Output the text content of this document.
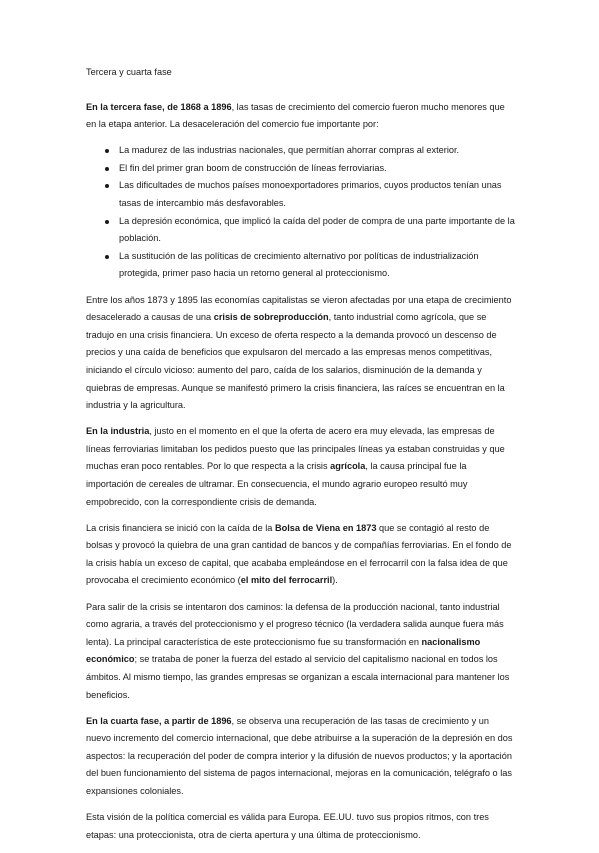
Tercera y cuarta fase

En la tercera fase, de 1868 a 1896, las tasas de crecimiento del comercio fueron mucho menores que en la etapa anterior. La desaceleración del comercio fue importante por:

La madurez de las industrias nacionales, que permitían ahorrar compras al exterior.
El fin del primer gran boom de construcción de líneas ferroviarias.
Las dificultades de muchos países monoexportadores primarios, cuyos productos tenían unas tasas de intercambio más desfavorables.
La depresión económica, que implicó la caída del poder de compra de una parte importante de la población.
La sustitución de las políticas de crecimiento alternativo por políticas de industrialización protegida, primer paso hacia un retorno general al proteccionismo.

Entre los años 1873 y 1895 las economías capitalistas se vieron afectadas por una etapa de crecimiento desacelerado a causas de una crisis de sobreproducción, tanto industrial como agrícola, que se tradujo en una crisis financiera. Un exceso de oferta respecto a la demanda provocó un descenso de precios y una caída de beneficios que expulsaron del mercado a las empresas menos competitivas, iniciando el círculo vicioso: aumento del paro, caída de los salarios, disminución de la demanda y quiebras de empresas. Aunque se manifestó primero la crisis financiera, las raíces se encuentran en la industria y la agricultura.

En la industria, justo en el momento en el que la oferta de acero era muy elevada, las empresas de líneas ferroviarias limitaban los pedidos puesto que las principales líneas ya estaban construidas y que muchas eran poco rentables. Por lo que respecta a la crisis agrícola, la causa principal fue la importación de cereales de ultramar. En consecuencia, el mundo agrario europeo resultó muy empobrecido, con la correspondiente crisis de demanda.

La crisis financiera se inició con la caída de la Bolsa de Viena en 1873 que se contagió al resto de bolsas y provocó la quiebra de una gran cantidad de bancos y de compañías ferroviarias. En el fondo de la crisis había un exceso de capital, que acababa empleándose en el ferrocarril con la falsa idea de que provocaba el crecimiento económico (el mito del ferrocarril).

Para salir de la crisis se intentaron dos caminos: la defensa de la producción nacional, tanto industrial como agraria, a través del proteccionismo y el progreso técnico (la verdadera salida aunque fuera más lenta). La principal característica de este proteccionismo fue su transformación en nacionalismo económico; se trataba de poner la fuerza del estado al servicio del capitalismo nacional en todos los ámbitos. Al mismo tiempo, las grandes empresas se organizan a escala internacional para mantener los beneficios.

En la cuarta fase, a partir de 1896, se observa una recuperación de las tasas de crecimiento y un nuevo incremento del comercio internacional, que debe atribuirse a la superación de la depresión en dos aspectos: la recuperación del poder de compra interior y la difusión de nuevos productos; y la aportación del buen funcionamiento del sistema de pagos internacional, mejoras en la comunicación, telégrafo o las expansiones coloniales.

Esta visión de la política comercial es válida para Europa. EE.UU. tuvo sus propios ritmos, con tres etapas: una proteccionista, otra de cierta apertura y una última de proteccionismo.
